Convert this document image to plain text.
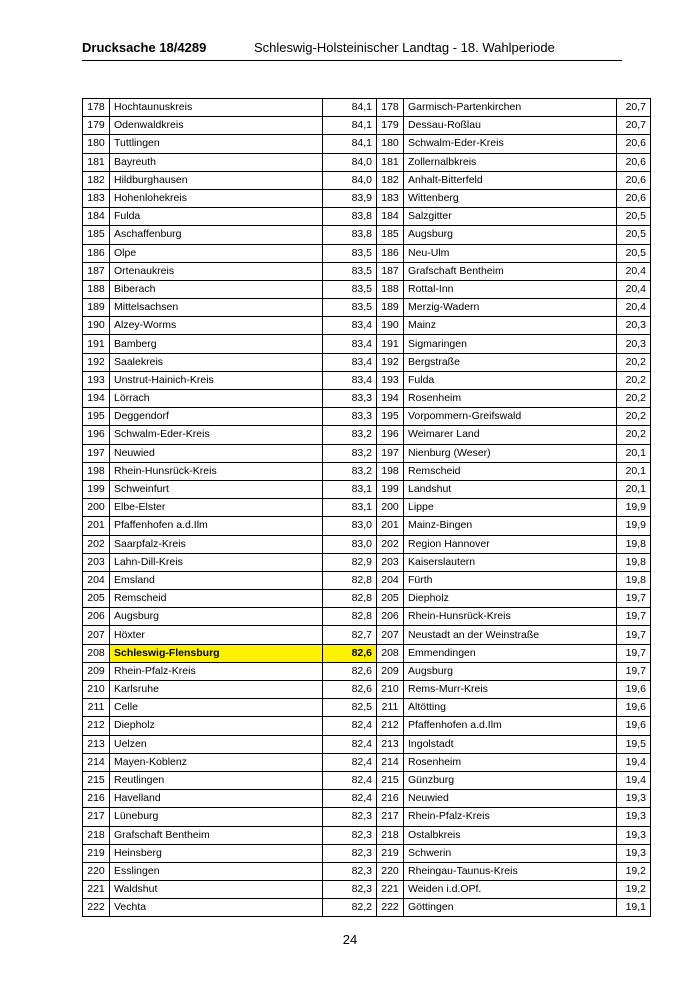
Drucksache 18/4289	Schleswig-Holsteinischer Landtag - 18. Wahlperiode
178	Hochtaunuskreis	84,1	178	Garmisch-Partenkirchen	20,7
179	Odenwaldkreis	84,1	179	Dessau-Roßlau	20,7
180	Tuttlingen	84,1	180	Schwalm-Eder-Kreis	20,6
181	Bayreuth	84,0	181	Zollernalbkreis	20,6
182	Hildburghausen	84,0	182	Anhalt-Bitterfeld	20,6
183	Hohenlohekreis	83,9	183	Wittenberg	20,6
184	Fulda	83,8	184	Salzgitter	20,5
185	Aschaffenburg	83,8	185	Augsburg	20,5
186	Olpe	83,5	186	Neu-Ulm	20,5
187	Ortenaukreis	83,5	187	Grafschaft Bentheim	20,4
188	Biberach	83,5	188	Rottal-Inn	20,4
189	Mittelsachsen	83,5	189	Merzig-Wadern	20,4
190	Alzey-Worms	83,4	190	Mainz	20,3
191	Bamberg	83,4	191	Sigmaringen	20,3
192	Saalekreis	83,4	192	Bergstraße	20,2
193	Unstrut-Hainich-Kreis	83,4	193	Fulda	20,2
194	Lörrach	83,3	194	Rosenheim	20,2
195	Deggendorf	83,3	195	Vorpommern-Greifswald	20,2
196	Schwalm-Eder-Kreis	83,2	196	Weimarer Land	20,2
197	Neuwied	83,2	197	Nienburg (Weser)	20,1
198	Rhein-Hunsrück-Kreis	83,2	198	Remscheid	20,1
199	Schweinfurt	83,1	199	Landshut	20,1
200	Elbe-Elster	83,1	200	Lippe	19,9
201	Pfaffenhofen a.d.Ilm	83,0	201	Mainz-Bingen	19,9
202	Saarpfalz-Kreis	83,0	202	Region Hannover	19,8
203	Lahn-Dill-Kreis	82,9	203	Kaiserslautern	19,8
204	Emsland	82,8	204	Fürth	19,8
205	Remscheid	82,8	205	Diepholz	19,7
206	Augsburg	82,8	206	Rhein-Hunsrück-Kreis	19,7
207	Höxter	82,7	207	Neustadt an der Weinstraße	19,7
208	Schleswig-Flensburg	82,6	208	Emmendingen	19,7
209	Rhein-Pfalz-Kreis	82,6	209	Augsburg	19,7
210	Karlsruhe	82,6	210	Rems-Murr-Kreis	19,6
211	Celle	82,5	211	Altötting	19,6
212	Diepholz	82,4	212	Pfaffenhofen a.d.Ilm	19,6
213	Uelzen	82,4	213	Ingolstadt	19,5
214	Mayen-Koblenz	82,4	214	Rosenheim	19,4
215	Reutlingen	82,4	215	Günzburg	19,4
216	Havelland	82,4	216	Neuwied	19,3
217	Lüneburg	82,3	217	Rhein-Pfalz-Kreis	19,3
218	Grafschaft Bentheim	82,3	218	Ostalbkreis	19,3
219	Heinsberg	82,3	219	Schwerin	19,3
220	Esslingen	82,3	220	Rheingau-Taunus-Kreis	19,2
221	Waldshut	82,3	221	Weiden i.d.OPf.	19,2
222	Vechta	82,2	222	Göttingen	19,1
24
